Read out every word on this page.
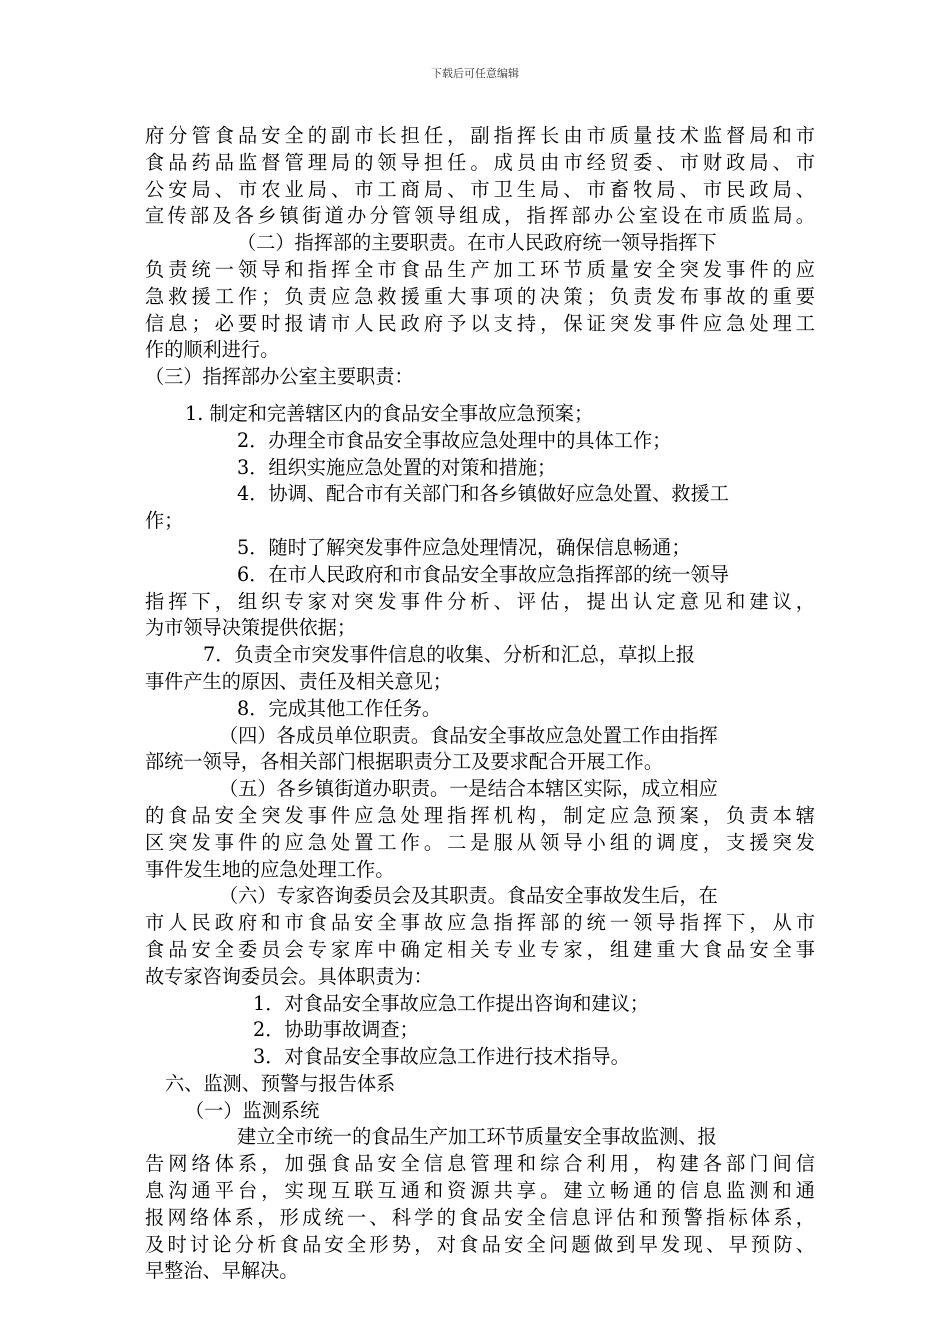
下载后可任意编辑
府分管食品安全的副市长担任，副指挥长由市质量技术监督局和市
食品药品监督管理局的领导担任。成员由市经贸委、市财政局、市
公安局、市农业局、市工商局、市卫生局、市畜牧局、市民政局、
宣传部及各乡镇街道办分管领导组成，指挥部办公室设在市质监局。
（二）指挥部的主要职责。在市人民政府统一领导指挥下
负责统一领导和指挥全市食品生产加工环节质量安全突发事件的应
急救援工作；负责应急救援重大事项的决策；负责发布事故的重要
信息；必要时报请市人民政府予以支持，保证突发事件应急处理工
作的顺利进行。
（三）指挥部办公室主要职责：
1. 制定和完善辖区内的食品安全事故应急预案；
2．办理全市食品安全事故应急处理中的具体工作；
3．组织实施应急处置的对策和措施；
4．协调、配合市有关部门和各乡镇做好应急处置、救援工
作；
5．随时了解突发事件应急处理情况，确保信息畅通；
6．在市人民政府和市食品安全事故应急指挥部的统一领导
指挥下，组织专家对突发事件分析、评估，提出认定意见和建议，
为市领导决策提供依据；
7．负责全市突发事件信息的收集、分析和汇总，草拟上报
事件产生的原因、责任及相关意见；
8．完成其他工作任务。
（四）各成员单位职责。食品安全事故应急处置工作由指挥
部统一领导，各相关部门根据职责分工及要求配合开展工作。
（五）各乡镇街道办职责。一是结合本辖区实际，成立相应
的食品安全突发事件应急处理指挥机构，制定应急预案，负责本辖
区突发事件的应急处置工作。二是服从领导小组的调度，支援突发
事件发生地的应急处理工作。
（六）专家咨询委员会及其职责。食品安全事故发生后，在
市人民政府和市食品安全事故应急指挥部的统一领导指挥下，从市
食品安全委员会专家库中确定相关专业专家，组建重大食品安全事
故专家咨询委员会。具体职责为：
1．对食品安全事故应急工作提出咨询和建议；
2．协助事故调查；
3．对食品安全事故应急工作进行技术指导。
六、监测、预警与报告体系
（一）监测系统
建立全市统一的食品生产加工环节质量安全事故监测、报
告网络体系，加强食品安全信息管理和综合利用，构建各部门间信
息沟通平台，实现互联互通和资源共享。建立畅通的信息监测和通
报网络体系，形成统一、科学的食品安全信息评估和预警指标体系，
及时讨论分析食品安全形势，对食品安全问题做到早发现、早预防、
早整治、早解决。
